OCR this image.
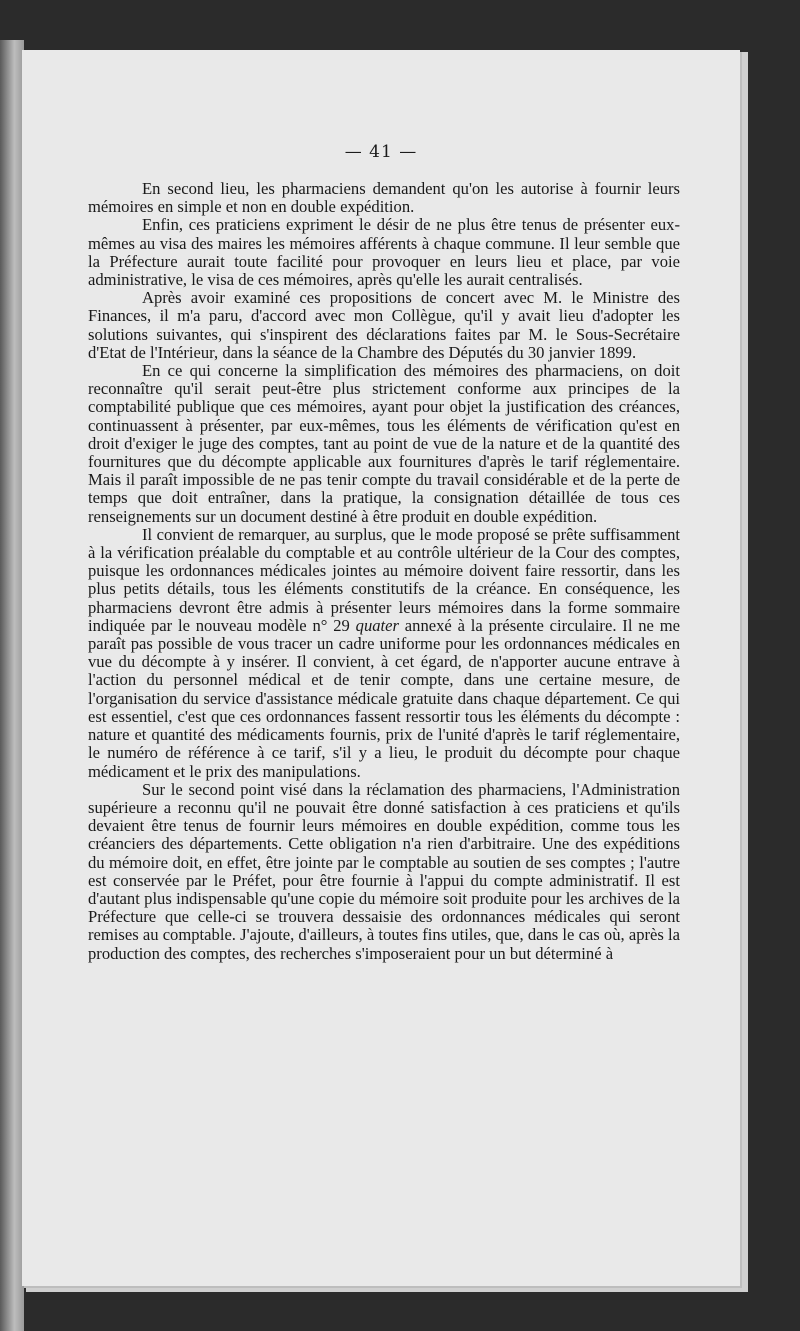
— 41 —

En second lieu, les pharmaciens demandent qu'on les autorise à fournir leurs mémoires en simple et non en double expédition.

Enfin, ces praticiens expriment le désir de ne plus être tenus de présenter eux-mêmes au visa des maires les mémoires afférents à chaque commune. Il leur semble que la Préfecture aurait toute facilité pour provoquer en leurs lieu et place, par voie administrative, le visa de ces mémoires, après qu'elle les aurait centralisés.

Après avoir examiné ces propositions de concert avec M. le Ministre des Finances, il m'a paru, d'accord avec mon Collègue, qu'il y avait lieu d'adopter les solutions suivantes, qui s'inspirent des déclarations faites par M. le Sous-Secrétaire d'Etat de l'Intérieur, dans la séance de la Chambre des Députés du 30 janvier 1899.

En ce qui concerne la simplification des mémoires des pharmaciens, on doit reconnaître qu'il serait peut-être plus strictement conforme aux principes de la comptabilité publique que ces mémoires, ayant pour objet la justification des créances, continuassent à présenter, par eux-mêmes, tous les éléments de vérification qu'est en droit d'exiger le juge des comptes, tant au point de vue de la nature et de la quantité des fournitures que du décompte applicable aux fournitures d'après le tarif réglementaire. Mais il paraît impossible de ne pas tenir compte du travail considérable et de la perte de temps que doit entraîner, dans la pratique, la consignation détaillée de tous ces renseignements sur un document destiné à être produit en double expédition.

Il convient de remarquer, au surplus, que le mode proposé se prête suffisamment à la vérification préalable du comptable et au contrôle ultérieur de la Cour des comptes, puisque les ordonnances médicales jointes au mémoire doivent faire ressortir, dans les plus petits détails, tous les éléments constitutifs de la créance. En conséquence, les pharmaciens devront être admis à présenter leurs mémoires dans la forme sommaire indiquée par le nouveau modèle n° 29 quater annexé à la présente circulaire. Il ne me paraît pas possible de vous tracer un cadre uniforme pour les ordonnances médicales en vue du décompte à y insérer. Il convient, à cet égard, de n'apporter aucune entrave à l'action du personnel médical et de tenir compte, dans une certaine mesure, de l'organisation du service d'assistance médicale gratuite dans chaque département. Ce qui est essentiel, c'est que ces ordonnances fassent ressortir tous les éléments du décompte : nature et quantité des médicaments fournis, prix de l'unité d'après le tarif réglementaire, le numéro de référence à ce tarif, s'il y a lieu, le produit du décompte pour chaque médicament et le prix des manipulations.

Sur le second point visé dans la réclamation des pharmaciens, l'Administration supérieure a reconnu qu'il ne pouvait être donné satisfaction à ces praticiens et qu'ils devaient être tenus de fournir leurs mémoires en double expédition, comme tous les créanciers des départements. Cette obligation n'a rien d'arbitraire. Une des expéditions du mémoire doit, en effet, être jointe par le comptable au soutien de ses comptes ; l'autre est conservée par le Préfet, pour être fournie à l'appui du compte administratif. Il est d'autant plus indispensable qu'une copie du mémoire soit produite pour les archives de la Préfecture que celle-ci se trouvera dessaisie des ordonnances médicales qui seront remises au comptable. J'ajoute, d'ailleurs, à toutes fins utiles, que, dans le cas où, après la production des comptes, des recherches s'imposeraient pour un but déterminé à
